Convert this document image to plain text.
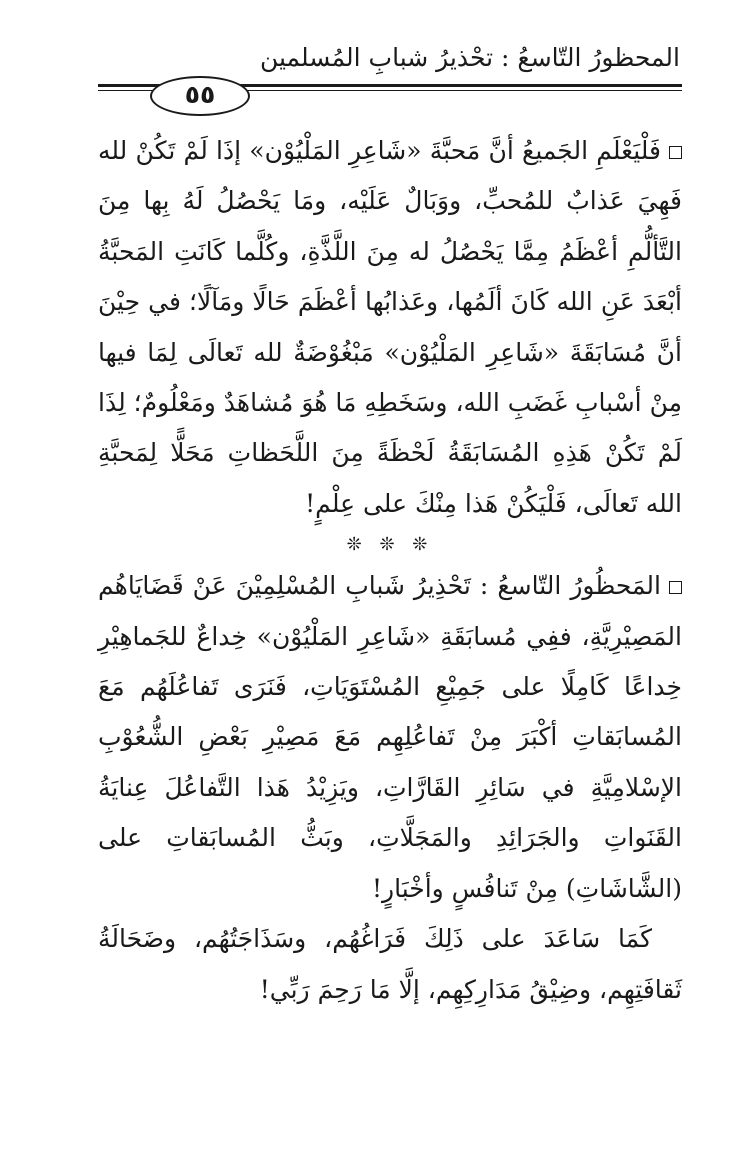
المحظورُ التّاسعُ : تحْذيرُ شبابِ المُسلمين
٥٥

فَلْيَعْلَمِ الجَميعُ أنَّ مَحبَّةَ «شَاعِرِ المَلْيُوْن» إذَا لَمْ تَكُنْ لله فَهِيَ عَذابٌ للمُحبِّ، ووَبَالٌ عَلَيْه، ومَا يَحْصُلُ لَهُ بِها مِنَ التَّألُّمِ أعْظَمُ مِمَّا يَحْصُلُ له مِنَ اللَّذَّةِ، وكُلَّما كَانَتِ المَحبَّةُ أبْعَدَ عَنِ الله كَانَ ألَمُها، وعَذابُها أعْظَمَ حَالًا ومَآلًا؛ في حِيْنَ أنَّ مُسَابَقَةَ «شَاعِرِ المَلْيُوْن» مَبْغُوْضَةٌ لله تَعالَى لِمَا فيها مِنْ أسْبابِ غَضَبِ الله، وسَخَطِهِ مَا هُوَ مُشاهَدٌ ومَعْلُومٌ؛ لِذَا لَمْ تَكُنْ هَذِهِ المُسَابَقَةُ لَحْظَةً مِنَ اللَّحَظاتِ مَحَلًّا لِمَحبَّةِ الله تَعالَى، فَلْيَكُنْ هَذا مِنْكَ على عِلْمٍ!

❊ ❊ ❊

المَحظُورُ التّاسعُ : تَحْذِيرُ شَبابِ المُسْلِمِيْنَ عَنْ قَضَايَاهُم المَصِيْرِيَّةِ، ففِي مُسابَقَةِ «شَاعِرِ المَلْيُوْن» خِداعٌ للجَماهِيْرِ خِداعًا كَامِلًا على جَمِيْعِ المُسْتَوَيَاتِ، فَنَرَى تَفاعُلَهُم مَعَ المُسابَقاتِ أكْبَرَ مِنْ تَفاعُلِهِم مَعَ مَصِيْرِ بَعْضِ الشُّعُوْبِ الإسْلامِيَّةِ في سَائِرِ القَارَّاتِ، ويَزِيْدُ هَذا التَّفاعُلَ عِنايَةُ القَنَواتِ والجَرَائِدِ والمَجَلَّاتِ، وبَثُّ المُسابَقاتِ على (الشَّاشَاتِ) مِنْ تَنافُسٍ وأخْبَارٍ!

كَمَا سَاعَدَ على ذَلِكَ فَرَاغُهُم، وسَذَاجَتُهُم، وضَحَالَةُ ثَقافَتِهِم، وضِيْقُ مَدَارِكِهِم، إلَّا مَا رَحِمَ رَبِّي!
